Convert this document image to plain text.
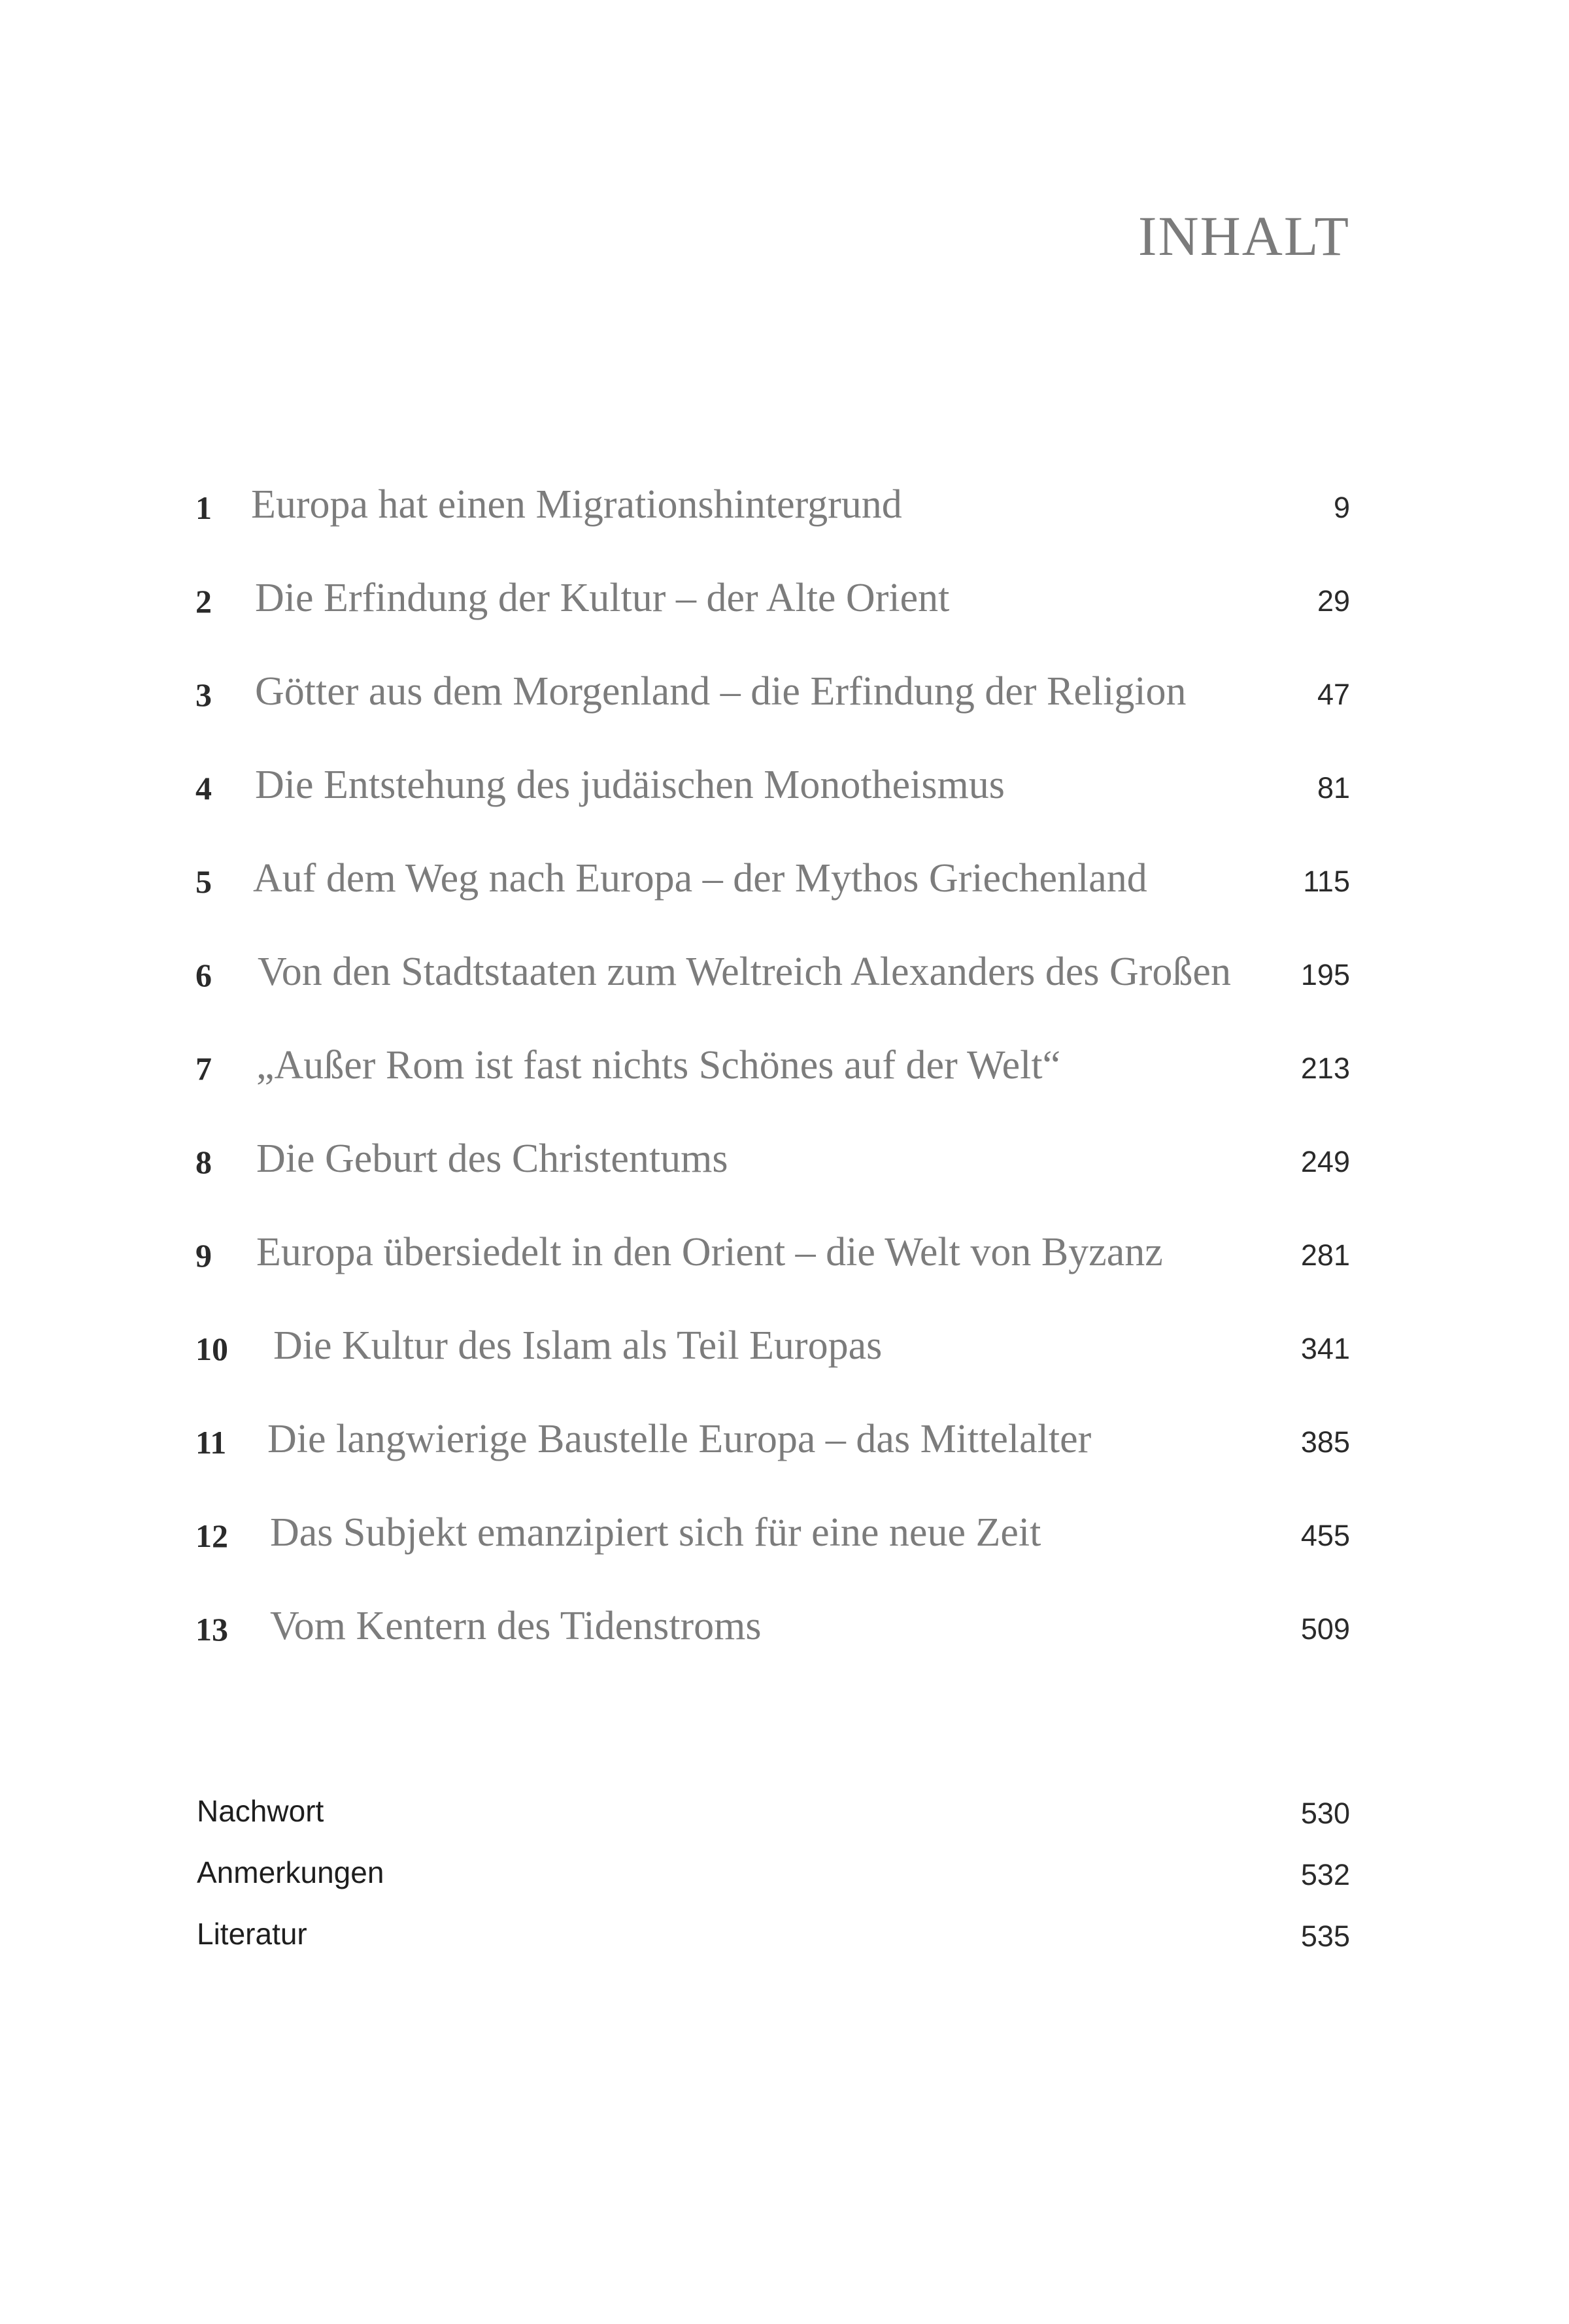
INHALT
1 Europa hat einen Migrationshintergrund	9
2 Die Erfindung der Kultur – der Alte Orient	29
3 Götter aus dem Morgenland – die Erfindung der Religion	47
4 Die Entstehung des judäischen Monotheismus	81
5 Auf dem Weg nach Europa – der Mythos Griechenland	115
6 Von den Stadtstaaten zum Weltreich Alexanders des Großen 195
7 „Außer Rom ist fast nichts Schönes auf der Welt“	213
8 Die Geburt des Christentums	249
9 Europa übersiedelt in den Orient – die Welt von Byzanz	281
10 Die Kultur des Islam als Teil Europas	341
11 Die langwierige Baustelle Europa – das Mittelalter	385
12 Das Subjekt emanzipiert sich für eine neue Zeit	455
13 Vom Kentern des Tidenstroms	509
Nachwort	530
Anmerkungen	532
Literatur	535
